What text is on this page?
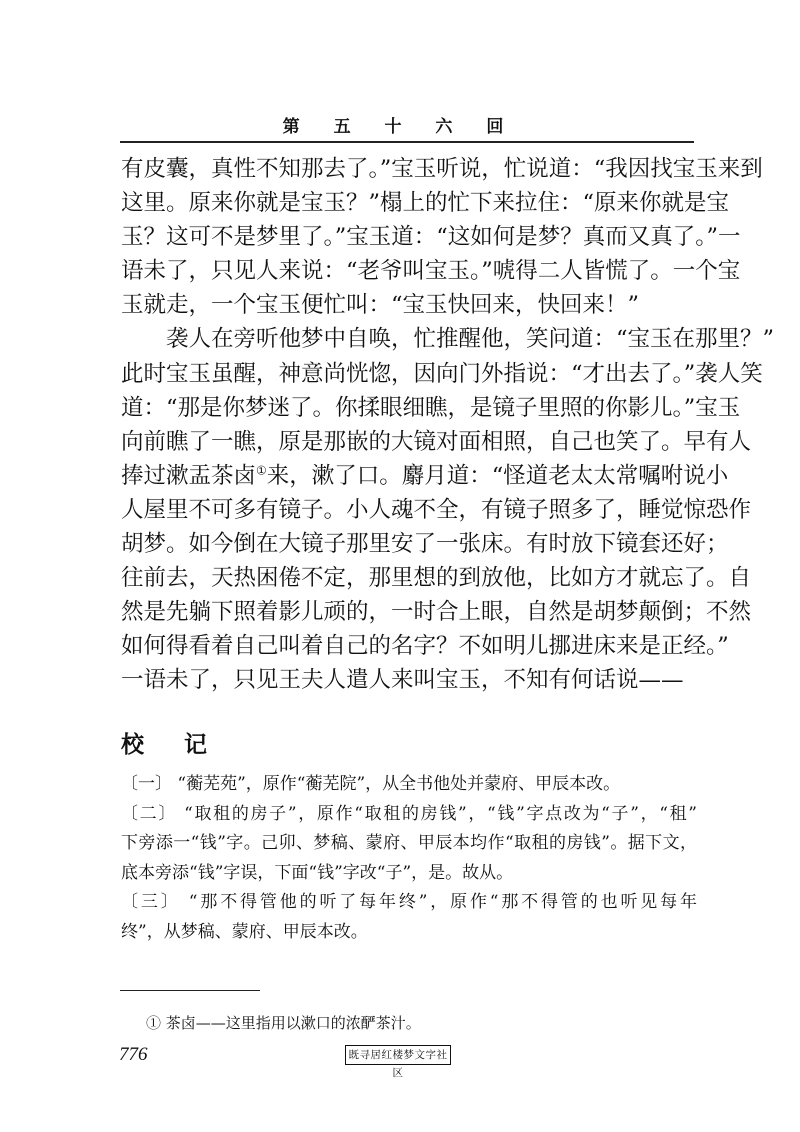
第 五 十 六 回
有皮囊，真性不知那去了。”宝玉听说，忙说道：“我因找宝玉来到
这里。原来你就是宝玉？”榻上的忙下来拉住：“原来你就是宝
玉？这可不是梦里了。”宝玉道：“这如何是梦？真而又真了。”一
语未了，只见人来说：“老爷叫宝玉。”唬得二人皆慌了。一个宝
玉就走，一个宝玉便忙叫：“宝玉快回来，快回来！”
　　袭人在旁听他梦中自唤，忙推醒他，笑问道：“宝玉在那里？”
此时宝玉虽醒，神意尚恍惚，因向门外指说：“才出去了。”袭人笑
道：“那是你梦迷了。你揉眼细瞧，是镜子里照的你影儿。”宝玉
向前瞧了一瞧，原是那嵌的大镜对面相照，自己也笑了。早有人
捧过漱盂茶卤①来，漱了口。麝月道：“怪道老太太常嘱咐说小
人屋里不可多有镜子。小人魂不全，有镜子照多了，睡觉惊恐作
胡梦。如今倒在大镜子那里安了一张床。有时放下镜套还好；
往前去，天热困倦不定，那里想的到放他，比如方才就忘了。自
然是先躺下照着影儿顽的，一时合上眼，自然是胡梦颠倒；不然
如何得看着自己叫着自己的名字？不如明儿挪进床来是正经。”
一语未了，只见王夫人遣人来叫宝玉，不知有何话说——
校记
〔一〕 “蘅芜苑”，原作“蘅芜院”，从全书他处并蒙府、甲辰本改。
〔二〕 “取租的房子”，原作“取租的房钱”，“钱”字点改为“子”，“租”
下旁添一“钱”字。己卯、梦稿、蒙府、甲辰本均作“取租的房钱”。据下文，
底本旁添“钱”字误，下面“钱”字改“子”，是。故从。
〔三〕 “那不得管他的听了每年终”，原作“那不得管的也听见每年
终”，从梦稿、蒙府、甲辰本改。
① 茶卤——这里指用以漱口的浓酽茶汁。
776	既寻居红楼梦文字社区
